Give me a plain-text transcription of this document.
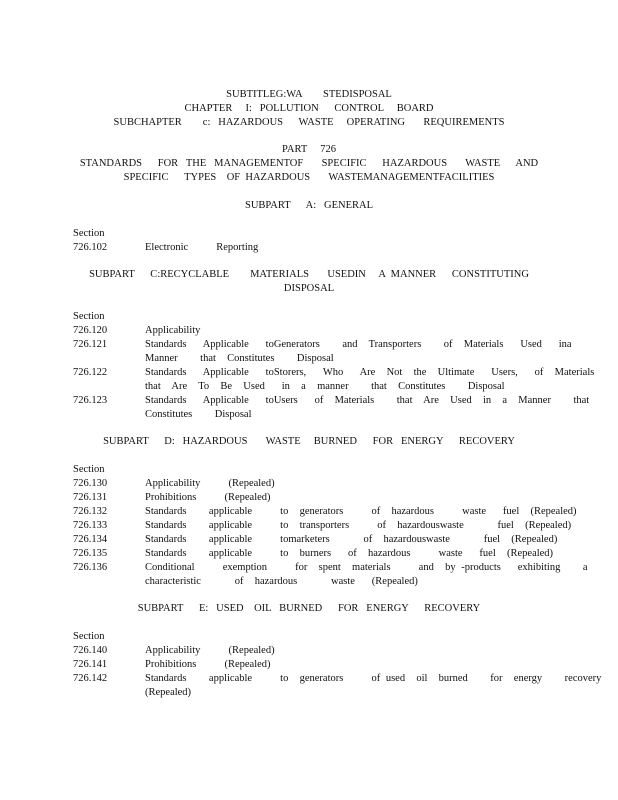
SUBTITLEG:WA        STEDISPOSAL
CHAPTER     I:   POLLUTION      CONTROL     BOARD
SUBCHAPTER        c:   HAZARDOUS      WASTE     OPERATING       REQUIREMENTS
PART     726
STANDARDS      FOR   THE   MANAGEMENTOF       SPECIFIC      HAZARDOUS       WASTE      AND
SPECIFIC      TYPES    OF  HAZARDOUS       WASTEMANAGEMENTFACILITIES
SUBPART      A:   GENERAL
Section
726.102	Electronic     Reporting
SUBPART      C:RECYCLABLE        MATERIALS       USEDIN     A  MANNER      CONSTITUTING
DISPOSAL
Section
726.120	Applicability
726.121	Standards   Applicable   toGenerators    and  Transporters    of  Materials   Used   ina
Manner    that  Constitutes    Disposal
726.122	Standards   Applicable   toStorers,   Who   Are  Not  the  Ultimate   Users,   of  Materials
that  Are  To  Be  Used   in  a  manner    that  Constitutes    Disposal
726.123	Standards   Applicable   toUsers   of  Materials    that  Are  Used  in  a  Manner    that
Constitutes    Disposal
SUBPART      D:   HAZARDOUS       WASTE     BURNED      FOR   ENERGY      RECOVERY
Section
726.130	Applicability     (Repealed)
726.131	Prohibitions     (Repealed)
726.132	Standards    applicable     to  generators     of  hazardous     waste   fuel  (Repealed)
726.133	Standards    applicable     to  transporters     of  hazardouswaste      fuel  (Repealed)
726.134	Standards    applicable     tomarketers      of  hazardouswaste      fuel  (Repealed)
726.135	Standards    applicable     to  burners   of  hazardous     waste   fuel  (Repealed)
726.136	Conditional     exemption     for  spent  materials     and  by -products   exhibiting    a
characteristic      of  hazardous      waste   (Repealed)
SUBPART      E:   USED    OIL   BURNED      FOR   ENERGY      RECOVERY
Section
726.140	Applicability     (Repealed)
726.141	Prohibitions     (Repealed)
726.142	Standards    applicable     to  generators     of used  oil  burned    for  energy    recovery
(Repealed)
